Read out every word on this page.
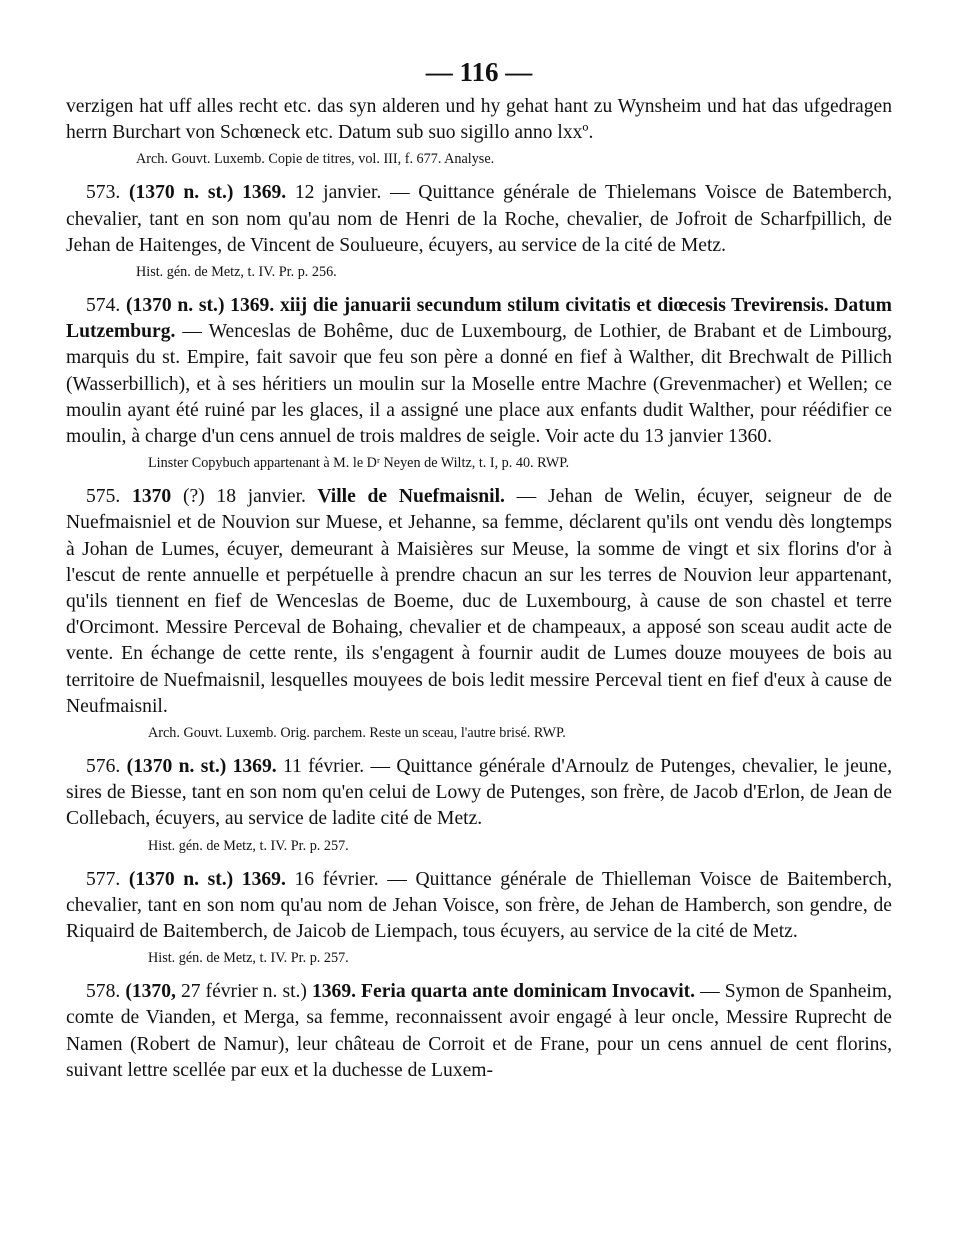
— 116 —

verzigen hat uff alles recht etc. das syn alderen und hy gehat hant zu Wynsheim und hat das ufgedragen herrn Burchart von Schœneck etc. Datum sub suo sigillo anno lxxº.

Arch. Gouvt. Luxemb. Copie de titres, vol. III, f. 677. Analyse.

573. (1370 n. st.) 1369. 12 janvier. — Quittance générale de Thielemans Voisce de Batemberch, chevalier, tant en son nom qu'au nom de Henri de la Roche, chevalier, de Jofroit de Scharfpillich, de Jehan de Haitenges, de Vincent de Soulueure, écuyers, au service de la cité de Metz.

Hist. gén. de Metz, t. IV. Pr. p. 256.

574. (1370 n. st.) 1369. xiij die januarii secundum stilum civitatis et diœcesis Trevirensis. Datum Lutzemburg. — Wenceslas de Bohême, duc de Luxembourg, de Lothier, de Brabant et de Limbourg, marquis du st. Empire, fait savoir que feu son père a donné en fief à Walther, dit Brechwalt de Pillich (Wasserbillich), et à ses héritiers un moulin sur la Moselle entre Machre (Grevenmacher) et Wellen; ce moulin ayant été ruiné par les glaces, il a assigné une place aux enfants dudit Walther, pour réédifier ce moulin, à charge d'un cens annuel de trois maldres de seigle. Voir acte du 13 janvier 1360.

Linster Copybuch appartenant à M. le Dʳ Neyen de Wiltz, t. I, p. 40. RWP.

575. 1370 (?) 18 janvier. Ville de Nuefmaisnil. — Jehan de Welin, écuyer, seigneur de de Nuefmaisniel et de Nouvion sur Muese, et Jehanne, sa femme, déclarent qu'ils ont vendu dès longtemps à Johan de Lumes, écuyer, demeurant à Maisières sur Meuse, la somme de vingt et six florins d'or à l'escut de rente annuelle et perpétuelle à prendre chacun an sur les terres de Nouvion leur appartenant, qu'ils tiennent en fief de Wenceslas de Boeme, duc de Luxembourg, à cause de son chastel et terre d'Orcimont. Messire Perceval de Bohaing, chevalier et de champeaux, a apposé son sceau audit acte de vente. En échange de cette rente, ils s'engagent à fournir audit de Lumes douze mouyees de bois au territoire de Nuefmaisnil, lesquelles mouyees de bois ledit messire Perceval tient en fief d'eux à cause de Neufmaisnil.

Arch. Gouvt. Luxemb. Orig. parchem. Reste un sceau, l'autre brisé. RWP.

576. (1370 n. st.) 1369. 11 février. — Quittance générale d'Arnoulz de Putenges, chevalier, le jeune, sires de Biesse, tant en son nom qu'en celui de Lowy de Putenges, son frère, de Jacob d'Erlon, de Jean de Collebach, écuyers, au service de ladite cité de Metz.

Hist. gén. de Metz, t. IV. Pr. p. 257.

577. (1370 n. st.) 1369. 16 février. — Quittance générale de Thielleman Voisce de Baitemberch, chevalier, tant en son nom qu'au nom de Jehan Voisce, son frère, de Jehan de Hamberch, son gendre, de Riquaird de Baitemberch, de Jaicob de Liempach, tous écuyers, au service de la cité de Metz.

Hist. gén. de Metz, t. IV. Pr. p. 257.

578. (1370, 27 février n. st.) 1369. Feria quarta ante dominicam Invocavit. — Symon de Spanheim, comte de Vianden, et Merga, sa femme, reconnaissent avoir engagé à leur oncle, Messire Ruprecht de Namen (Robert de Namur), leur château de Corroit et de Frane, pour un cens annuel de cent florins, suivant lettre scellée par eux et la duchesse de Luxem-
